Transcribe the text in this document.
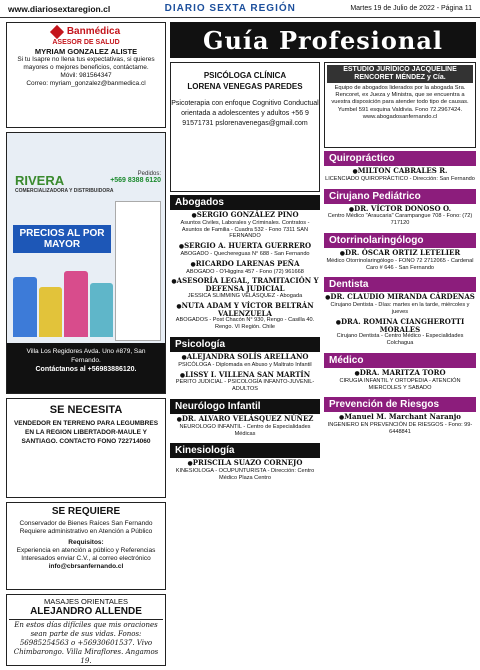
www.diariosextaregion.cl	DIARIO SEXTA REGIÓN	Martes 19 de Julio de 2022 - Página 11
Banmédica
ASESOR DE SALUD
MYRIAM GONZALEZ ALISTE

Si tu Isapre no llena tus expectativas, si quieres mayores o mejores beneficios, contáctame.

Móvil: 981564347

Correo: myriam_gonzalez@banmedica.cl

RIVERA
COMERCIALIZADORA Y DISTRIBUIDORA
Pedidos:
+569 8388 6120
PRECIOS AL POR MAYOR
Villa Los Regidores Avda. Uno #879, San Fernando.
Contáctanos al +56983886120.
SE NECESITA

VENDEDOR EN TERRENO PARA LEGUMBRES EN LA REGION LIBERTADOR-MAULE Y SANTIAGO. CONTACTO FONO 722714060

SE REQUIERE

Conservador de Bienes Raíces San Fernando

Requiere administrativo en Atención a Público

Requisitos:

Experiencia en atención a público y Referencias

Interesados enviar C.V., al correo electrónico

info@cbrsanfernando.cl

MASAJES ORIENTALES
ALEJANDRO ALLENDE
En estos días difíciles que mis oraciones sean parte de sus vidas. Fonos: 56985254563 o +56930601537. Vivo Chimbarongo. Villa Miraflores. Angamos 19.
Guía Profesional
PSICÓLOGA CLÍNICA
LORENA VENEGAS PAREDES

Psicoterapia con enfoque Cognitivo Conductual orientada a adolescentes y adultos +56 9 91571731 pslorenavenegas@gmail.com

Abogados
● SERGIO GONZÁLEZ PINO
Asuntos Civiles, Laborales y Criminales. Contratos - Asuntos de Familia - Cuadra 532 - Fono 7311 SAN FERNANDO
● SERGIO A. HUERTA GUERRERO
ABOGADO - Quechereguas N° 688 - San Fernando
● RICARDO LARENAS PEÑA
ABOGADO - O'Higgins 457 - Fono (72) 961668
● ASESORÍA LEGAL, TRAMITACIÓN Y DEFENSA JUDICIAL
JESSICA SLIMMING VELÁSQUEZ - Abogada
● NUTA ADAM Y VÍCTOR BELTRÁN VALENZUELA
ABOGADOS - Post Chacón N° 930, Rengo - Casilla 40. Rengo. VI Región. Chile
Psicología
● ALEJANDRA SOLÍS ARELLANO
PSICÓLOGA - Diplomada en Abuso y Maltrato Infantil
● LISSY I. VILLENA SAN MARTÍN
PERITO JUDICIAL - PSICOLOGÍA INFANTO-JUVENIL-ADULTOS
Neurólogo Infantil
● DR. ALVARO VELÁSQUEZ NÚÑEZ
NEUROLOGO INFANTIL - Centro de Especialidades Médicas
Kinesiología
● PRISCILA SUAZO CORNEJO
KINESIOLOGA - OCUPUNTURISTA - Dirección: Centro Médico Plaza Centro
ESTUDIO JURÍDICO JACQUELINE RENCORET MÉNDEZ y Cía.

Equipo de abogados liderados por la abogada Sra. Rencoret, ex Jueza y Ministra, que se encuentra a vuestra disposición para atender todo tipo de causas. Yumbel 591 esquina Valdivia. Fono 72.2967424. www.abogadosanfernando.cl

Quiropráctico
● MILTON CABRALES R.
LICENCIADO QUIROPRÁCTICO - Dirección: San Fernando
Cirujano Pediátrico
● DR. VÍCTOR DONOSO O.
Centro Médico "Araucaria" Carampangue 708 - Fono: (72) 717120
Otorrinolaringólogo
● DR. ÓSCAR ORTIZ LETELIER
Médico Otorrinolaringólogo - FONO 72 2712065 - Cardenal Caro # 646 - San Fernando
Dentista
● DR. CLAUDIO MIRANDA CÁRDENAS
Cirujano Dentista - Días: martes en la tarde, miércoles y jueves
● DRA. ROMINA CIANGHEROTTI MORALES
Cirujano Dentista - Centro Médico - Especialidades Colchagua
Médico
● DRA. MARITZA TORO
CIRUGIA INFANTIL Y ORTOPEDIA - ATENCIÓN MIERCOLES Y SABADO
Prevención de Riesgos
● Manuel M. Marchant Naranjo
INGENIERO EN PREVENCIÓN DE RIESGOS - Fono: 99-6448841
